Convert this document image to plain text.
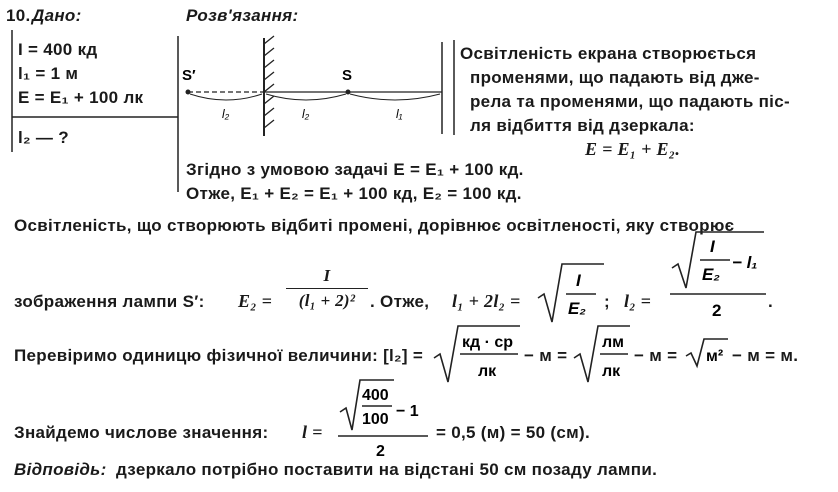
10. Дано:	Розв'язання:
I = 400 кд
l₁ = 1 м
E = E₁ + 100 лк
l₂ — ?
S′	S
l₂	l₂	l₁
Освітленість екрана створюється
променями, що падають від дже-
рела та променями, що падають піс-
ля відбиття від дзеркала:
E = E₁ + E₂.
Згідно з умовою задачі E = E₁ + 100 кд.
Отже, E₁ + E₂ = E₁ + 100 кд, E₂ = 100 кд.
Освітленість, що створюють відбиті промені, дорівнює освітленості, яку створює
зображення лампи S′: E₂ =
I
(l₁ + 2)² . Отже, l₁ + 2l₂ =
I
E₂ ; l₂ =
I
E₂
− l₁
2	.
Перевіримо одиницю фізичної величини: [l₂] =
кд · ср
лк
− м =
лм
лк
− м = м² − м = м.
Знайдемо числове значення: l =
400
100 − 1
2
= 0,5 (м) = 50 (см).
Відповідь: дзеркало потрібно поставити на відстані 50 см позаду лампи.
